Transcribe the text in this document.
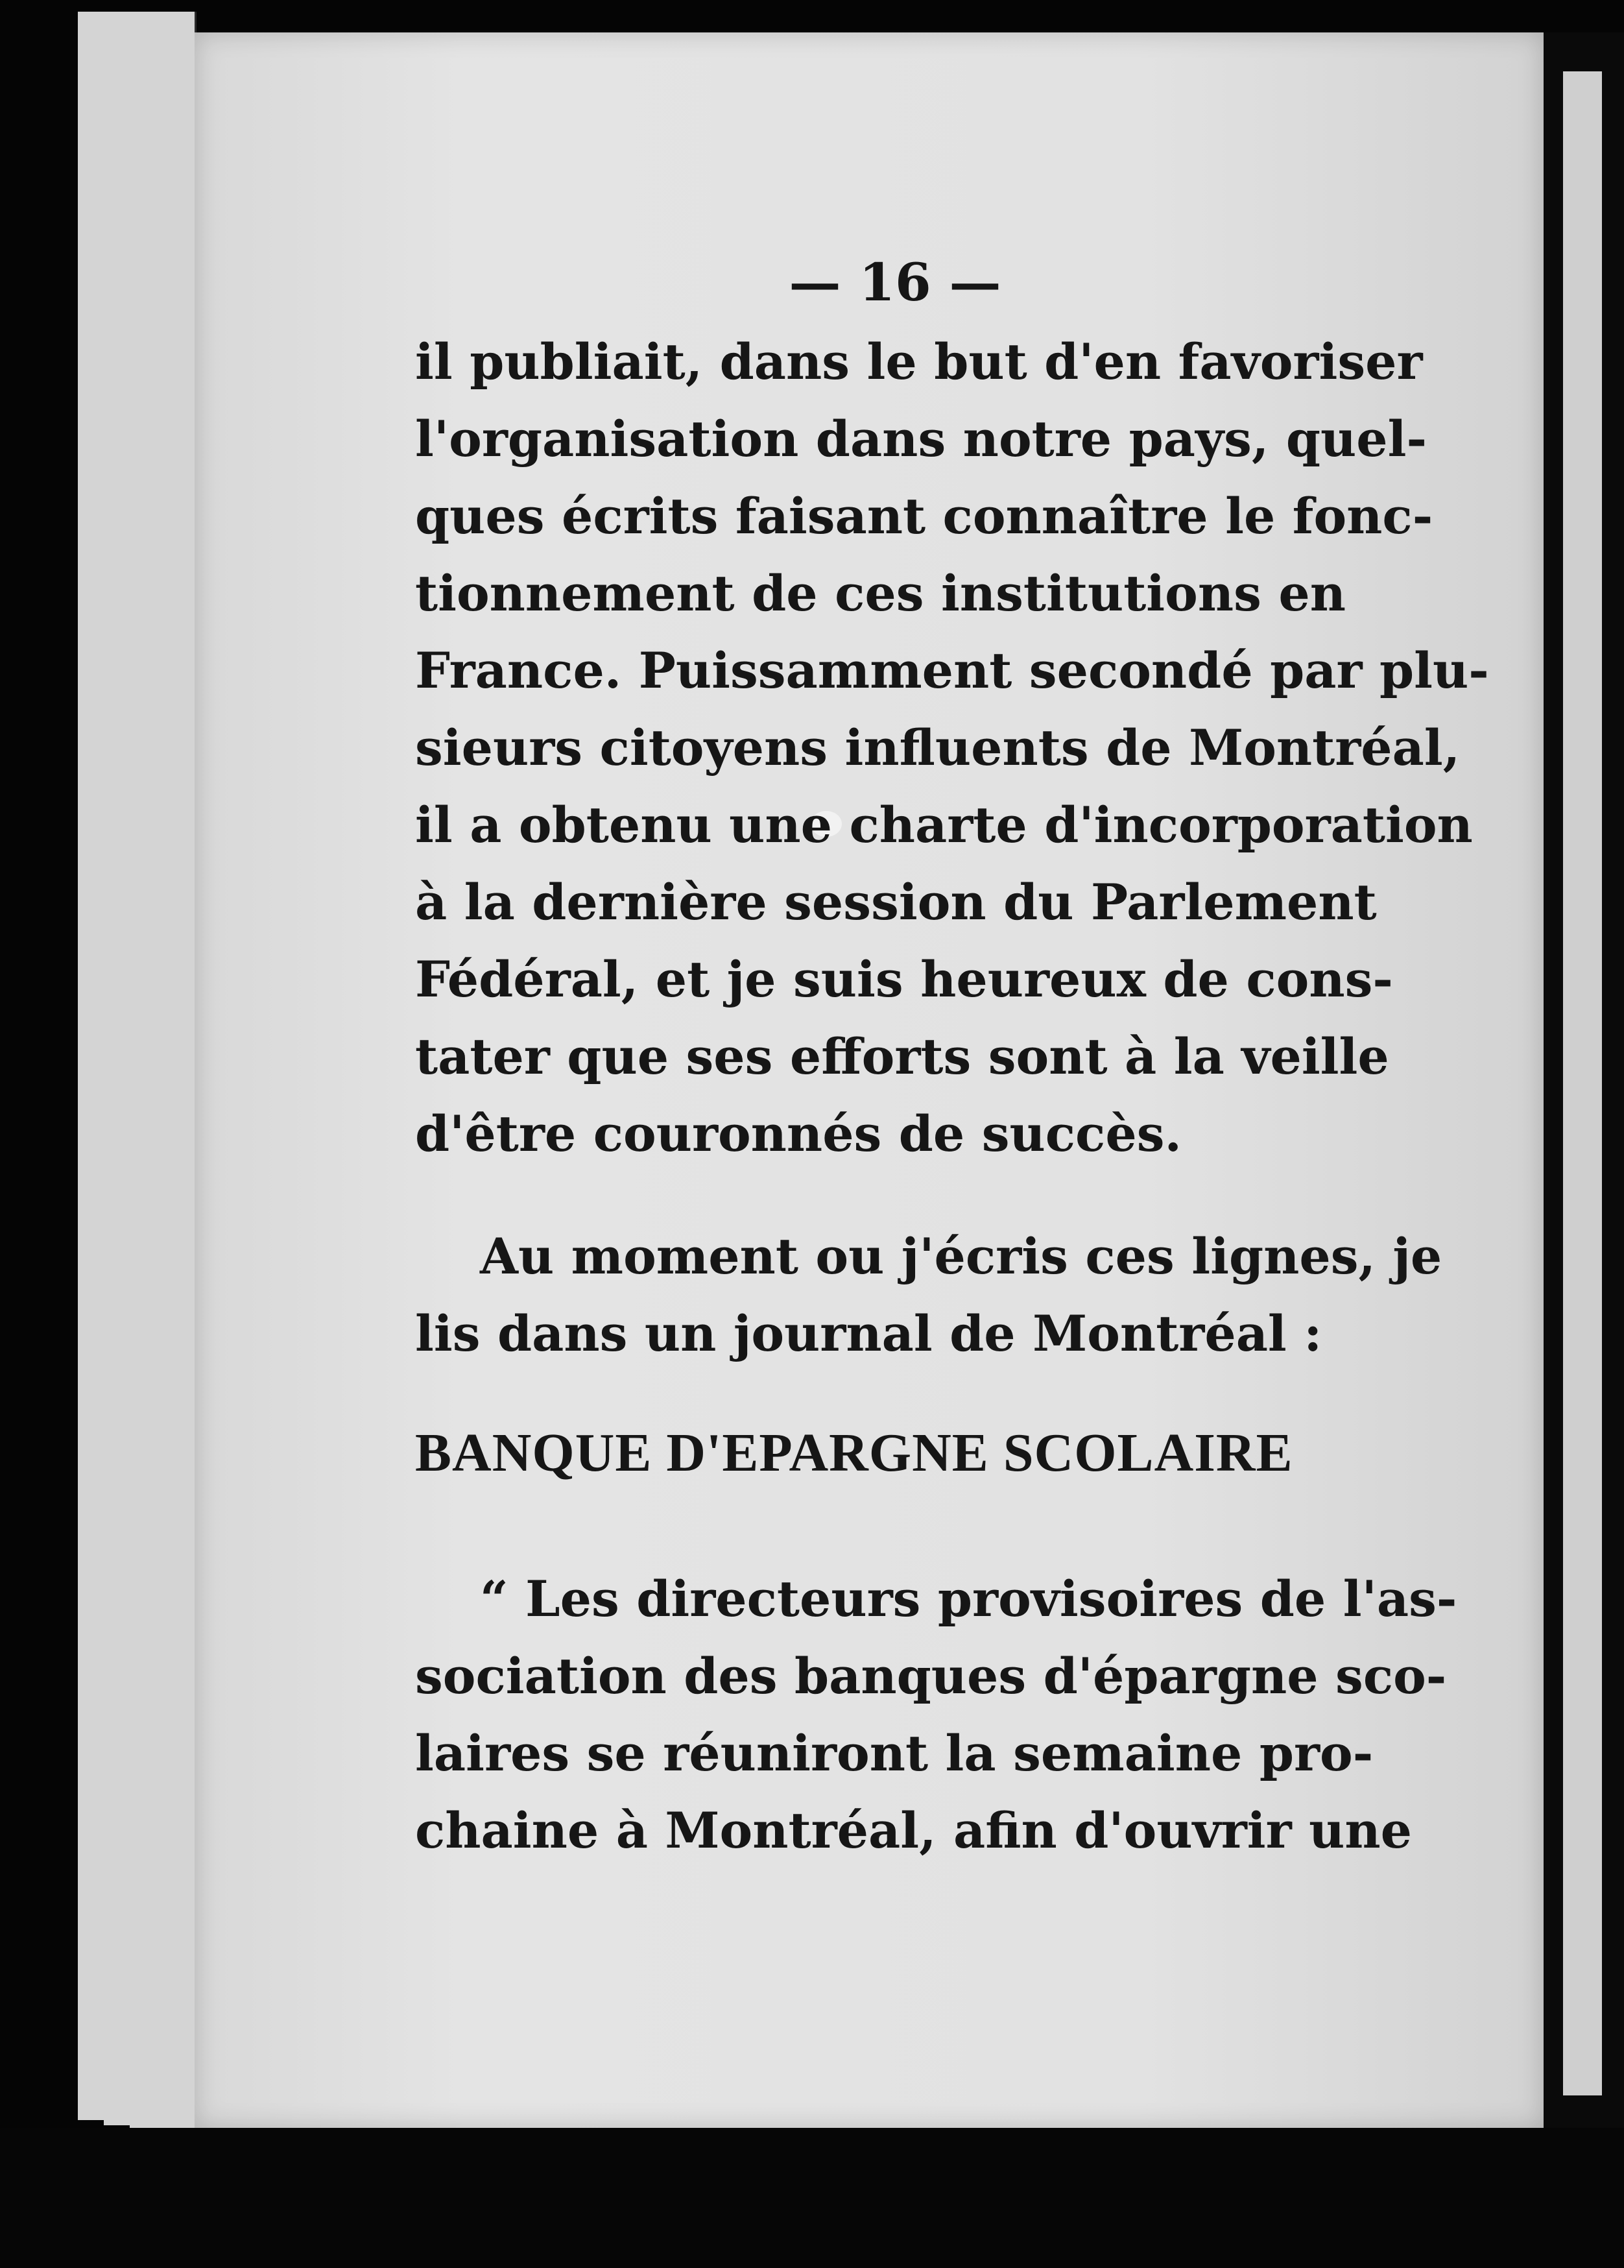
— 16 —
il publiait, dans le but d'en favoriser
l'organisation dans notre pays, quel-
ques écrits faisant connaître le fonc-
tionnement de ces institutions en
France. Puissamment secondé par plu-
sieurs citoyens influents de Montréal,
il a obtenu une charte d'incorporation
à la dernière session du Parlement
Fédéral, et je suis heureux de cons-
tater que ses efforts sont à la veille
d'être couronnés de succès.
Au moment ou j'écris ces lignes, je
lis dans un journal de Montréal :
BANQUE D'EPARGNE SCOLAIRE
“ Les directeurs provisoires de l'as-
sociation des banques d'épargne sco-
laires se réuniront la semaine pro-
chaine à Montréal, afin d'ouvrir une
